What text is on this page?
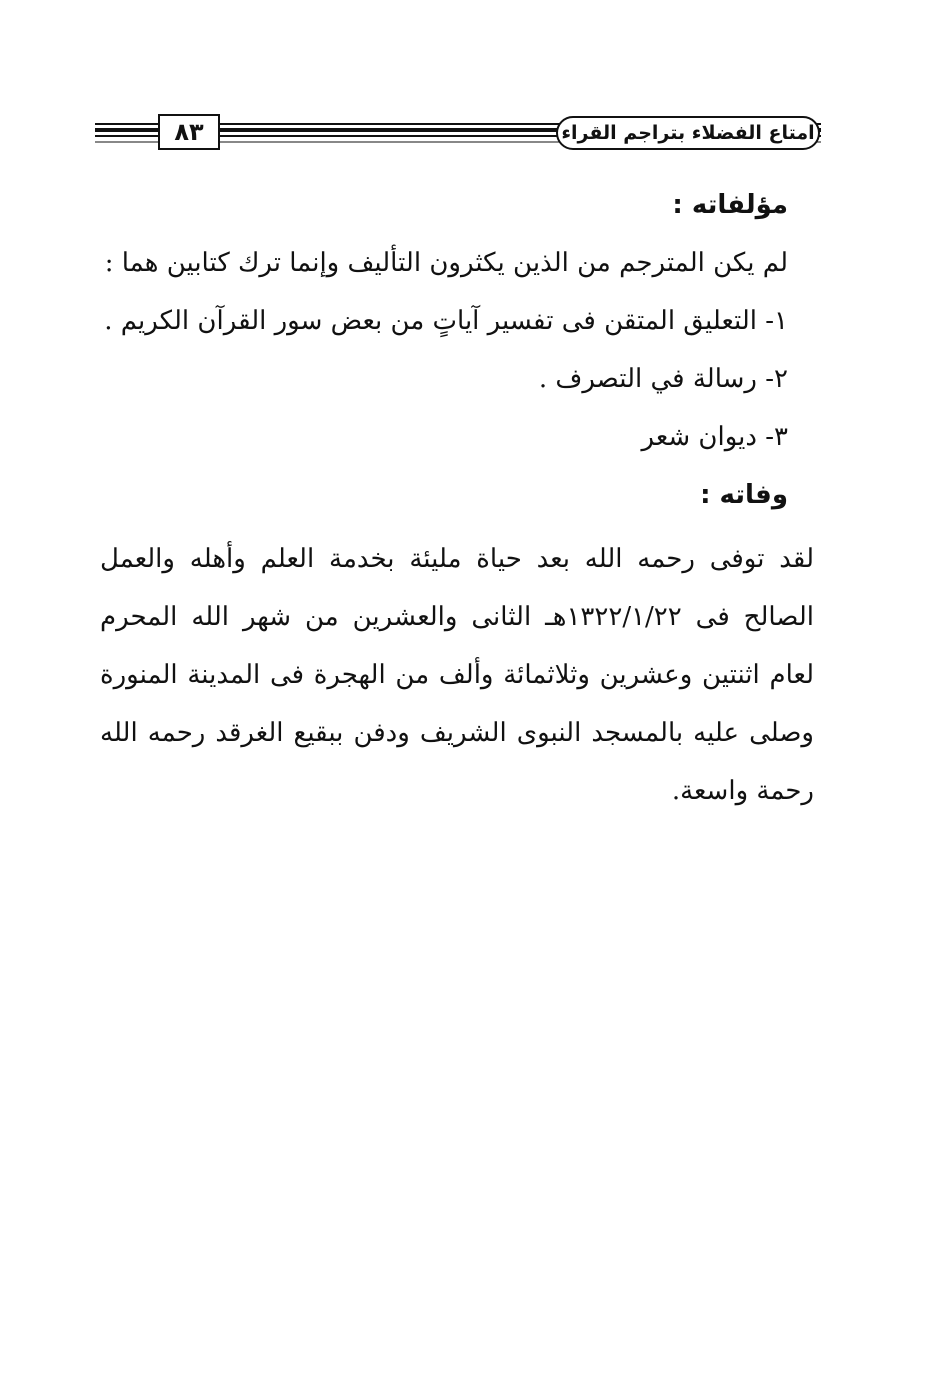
٨٣	امتاع الفضلاء بتراجم القراء
مؤلفاته :
لم يكن المترجم من الذين يكثرون التأليف وإنما ترك كتابين هما :
١- التعليق المتقن فى تفسير آياتٍ من بعض سور القرآن الكريم .
٢- رسالة في التصرف .
٣- ديوان شعر
وفاته :
لقد توفى رحمه الله بعد حياة مليئة بخدمة العلم وأهله والعمل الصالح فى ١٣٢٢/١/٢٢هـ الثانى والعشرين من شهر الله المحرم لعام اثنتين وعشرين وثلاثمائة وألف من الهجرة فى المدينة المنورة وصلى عليه بالمسجد النبوى الشريف ودفن ببقيع الغرقد رحمه الله رحمة واسعة.
